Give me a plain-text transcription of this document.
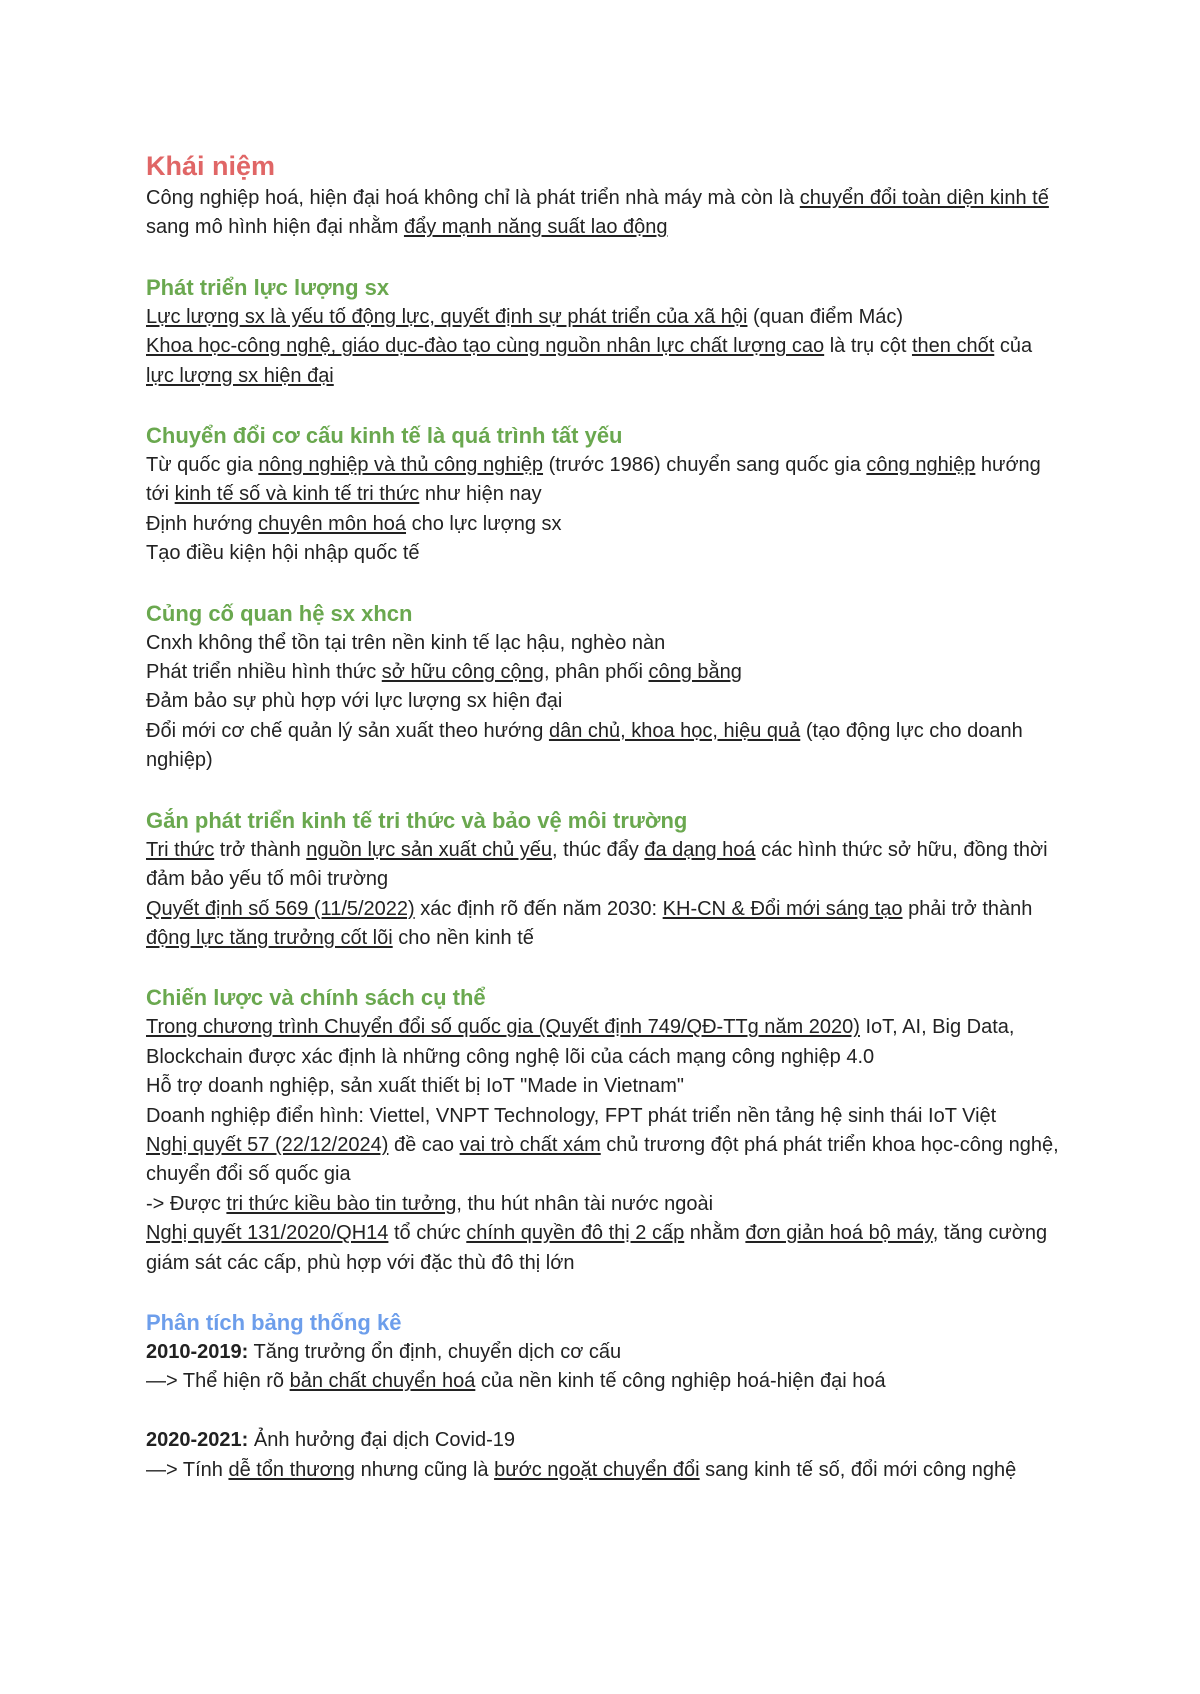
Khái niệm

Công nghiệp hoá, hiện đại hoá không chỉ là phát triển nhà máy mà còn là chuyển đổi toàn diện kinh tế sang mô hình hiện đại nhằm đẩy mạnh năng suất lao động

Phát triển lực lượng sx

Lực lượng sx là yếu tố động lực, quyết định sự phát triển của xã hội (quan điểm Mác)

Khoa học-công nghệ, giáo dục-đào tạo cùng nguồn nhân lực chất lượng cao là trụ cột then chốt của lực lượng sx hiện đại

Chuyển đổi cơ cấu kinh tế là quá trình tất yếu

Từ quốc gia nông nghiệp và thủ công nghiệp (trước 1986) chuyển sang quốc gia công nghiệp hướng tới kinh tế số và kinh tế tri thức như hiện nay

Định hướng chuyên môn hoá cho lực lượng sx

Tạo điều kiện hội nhập quốc tế

Củng cố quan hệ sx xhcn

Cnxh không thể tồn tại trên nền kinh tế lạc hậu, nghèo nàn

Phát triển nhiều hình thức sở hữu công cộng, phân phối công bằng

Đảm bảo sự phù hợp với lực lượng sx hiện đại

Đổi mới cơ chế quản lý sản xuất theo hướng dân chủ, khoa học, hiệu quả (tạo động lực cho doanh nghiệp)

Gắn phát triển kinh tế tri thức và bảo vệ môi trường

Tri thức trở thành nguồn lực sản xuất chủ yếu, thúc đẩy đa dạng hoá các hình thức sở hữu, đồng thời đảm bảo yếu tố môi trường

Quyết định số 569 (11/5/2022) xác định rõ đến năm 2030: KH-CN & Đổi mới sáng tạo phải trở thành động lực tăng trưởng cốt lõi cho nền kinh tế

Chiến lược và chính sách cụ thể

Trong chương trình Chuyển đổi số quốc gia (Quyết định 749/QĐ-TTg năm 2020) IoT, AI, Big Data, Blockchain được xác định là những công nghệ lõi của cách mạng công nghiệp 4.0

Hỗ trợ doanh nghiệp, sản xuất thiết bị IoT "Made in Vietnam"

Doanh nghiệp điển hình: Viettel, VNPT Technology, FPT phát triển nền tảng hệ sinh thái IoT Việt

Nghị quyết 57 (22/12/2024) đề cao vai trò chất xám chủ trương đột phá phát triển khoa học-công nghệ, chuyển đổi số quốc gia

-> Được tri thức kiều bào tin tưởng, thu hút nhân tài nước ngoài

Nghị quyết 131/2020/QH14 tổ chức chính quyền đô thị 2 cấp nhằm đơn giản hoá bộ máy, tăng cường giám sát các cấp, phù hợp với đặc thù đô thị lớn

Phân tích bảng thống kê

2010-2019: Tăng trưởng ổn định, chuyển dịch cơ cấu

—> Thể hiện rõ bản chất chuyển hoá của nền kinh tế công nghiệp hoá-hiện đại hoá

2020-2021: Ảnh hưởng đại dịch Covid-19

—> Tính dễ tổn thương nhưng cũng là bước ngoặt chuyển đổi sang kinh tế số, đổi mới công nghệ
